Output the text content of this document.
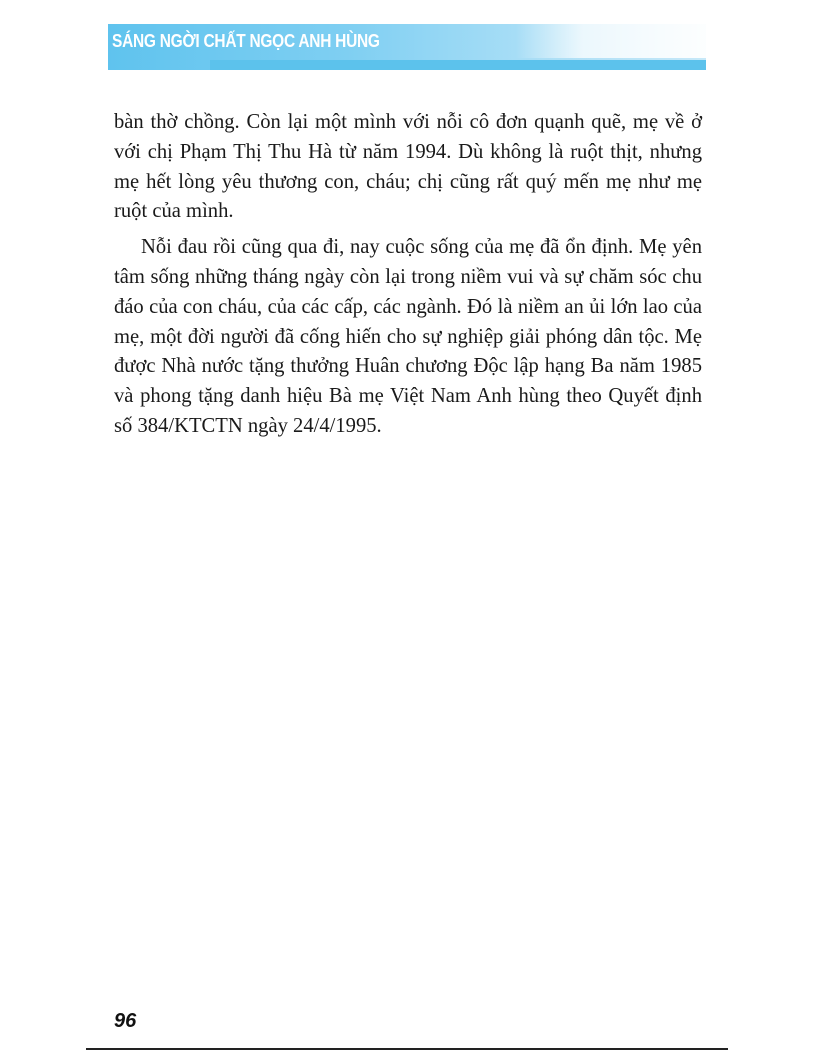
SÁNG NGỜI CHẤT NGỌC ANH HÙNG

bàn thờ chồng. Còn lại một mình với nỗi cô đơn quạnh quẽ, mẹ về ở với chị Phạm Thị Thu Hà từ năm 1994. Dù không là ruột thịt, nhưng mẹ hết lòng yêu thương con, cháu; chị cũng rất quý mến mẹ như mẹ ruột của mình.

Nỗi đau rồi cũng qua đi, nay cuộc sống của mẹ đã ổn định. Mẹ yên tâm sống những tháng ngày còn lại trong niềm vui và sự chăm sóc chu đáo của con cháu, của các cấp, các ngành. Đó là niềm an ủi lớn lao của mẹ, một đời người đã cống hiến cho sự nghiệp giải phóng dân tộc. Mẹ được Nhà nước tặng thưởng Huân chương Độc lập hạng Ba năm 1985 và phong tặng danh hiệu Bà mẹ Việt Nam Anh hùng theo Quyết định số 384/KTCTN ngày 24/4/1995.

96
